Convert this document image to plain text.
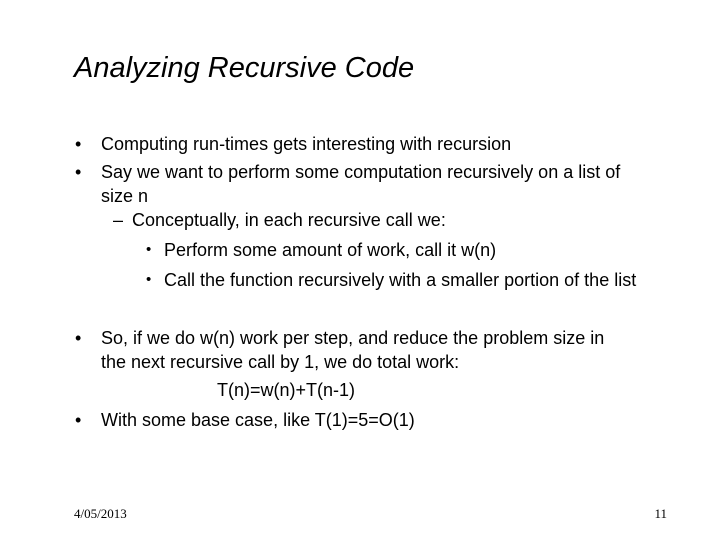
Analyzing Recursive Code
• Computing run-times gets interesting with recursion
• Say we want to perform some computation recursively on a list of
size n
– Conceptually, in each recursive call we:
• Perform some amount of work, call it w(n)
• Call the function recursively with a smaller portion of the list
• So, if we do w(n) work per step, and reduce the problem size in
the next recursive call by 1, we do total work:
T(n)=w(n)+T(n-1)
• With some base case, like T(1)=5=O(1)
4/05/2013	11
